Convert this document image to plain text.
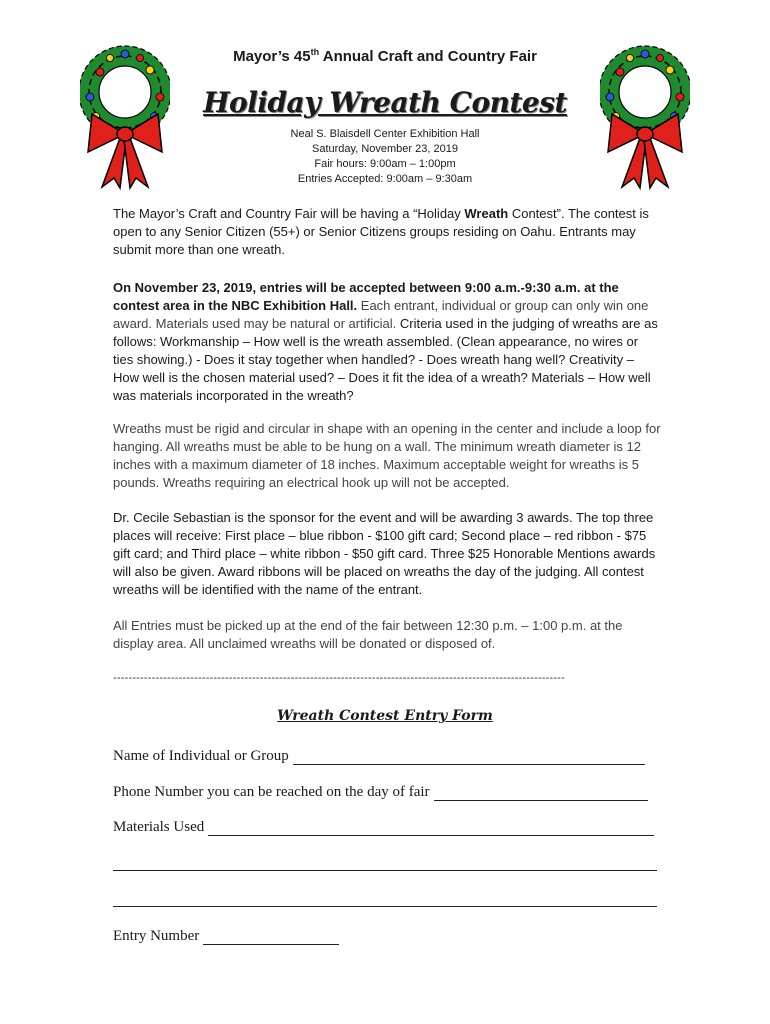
Mayor’s 45th Annual Craft and Country Fair
Holiday Wreath Contest
Neal S. Blaisdell Center Exhibition Hall
Saturday, November 23, 2019
Fair hours: 9:00am – 1:00pm
Entries Accepted: 9:00am – 9:30am
The Mayor’s Craft and Country Fair will be having a “Holiday Wreath Contest”. The contest is open to any Senior Citizen (55+) or Senior Citizens groups residing on Oahu. Entrants may submit more than one wreath.
On November 23, 2019, entries will be accepted between 9:00 a.m.-9:30 a.m. at the contest area in the NBC Exhibition Hall. Each entrant, individual or group can only win one award. Materials used may be natural or artificial. Criteria used in the judging of wreaths are as follows: Workmanship – How well is the wreath assembled. (Clean appearance, no wires or ties showing.) - Does it stay together when handled? - Does wreath hang well? Creativity – How well is the chosen material used? – Does it fit the idea of a wreath? Materials – How well was materials incorporated in the wreath?
Wreaths must be rigid and circular in shape with an opening in the center and include a loop for hanging. All wreaths must be able to be hung on a wall. The minimum wreath diameter is 12 inches with a maximum diameter of 18 inches. Maximum acceptable weight for wreaths is 5 pounds. Wreaths requiring an electrical hook up will not be accepted.
Dr. Cecile Sebastian is the sponsor for the event and will be awarding 3 awards. The top three places will receive: First place – blue ribbon - $100 gift card; Second place – red ribbon - $75 gift card; and Third place – white ribbon - $50 gift card. Three $25 Honorable Mentions awards will also be given. Award ribbons will be placed on wreaths the day of the judging. All contest wreaths will be identified with the name of the entrant.
All Entries must be picked up at the end of the fair between 12:30 p.m. – 1:00 p.m. at the display area. All unclaimed wreaths will be donated or disposed of.
---------------------------------------------------------------------------------------------------------------------
Wreath Contest Entry Form
Name of Individual or Group
Phone Number you can be reached on the day of fair
Materials Used
Entry Number
